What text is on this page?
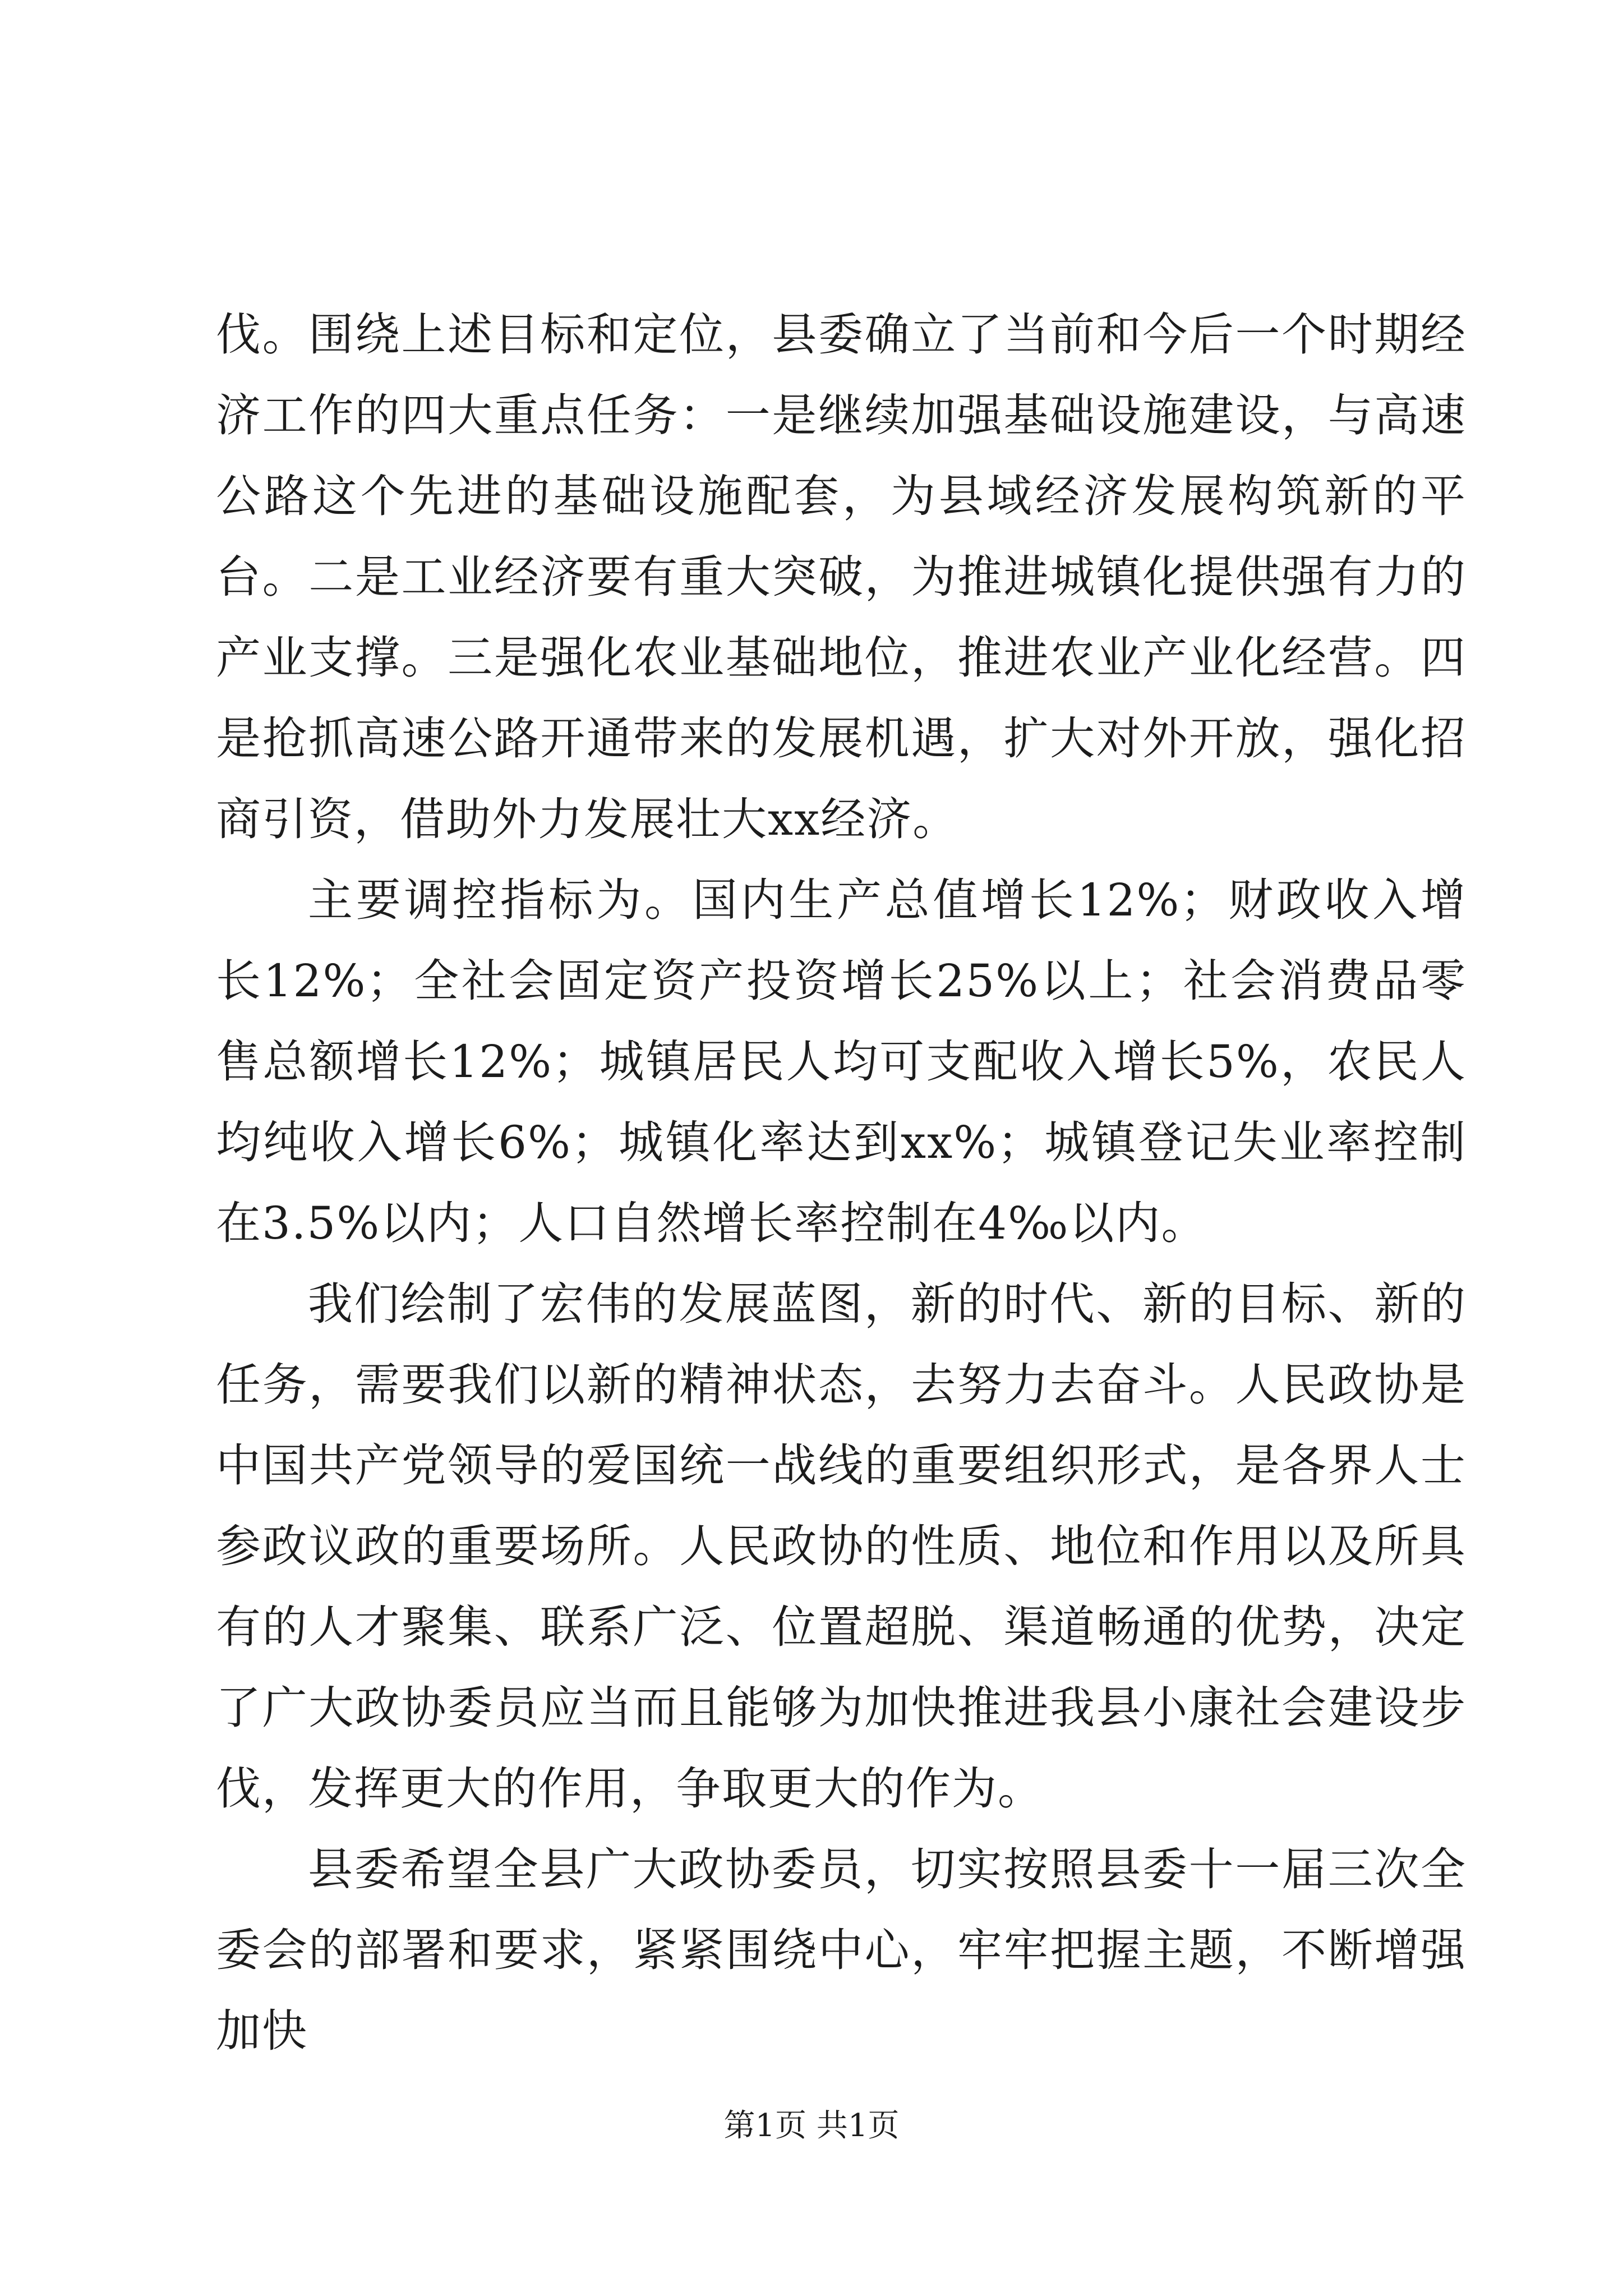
伐。围绕上述目标和定位，县委确立了当前和今后一个时期经济工作的四大重点任务：一是继续加强基础设施建设，与高速公路这个先进的基础设施配套，为县域经济发展构筑新的平台。二是工业经济要有重大突破，为推进城镇化提供强有力的产业支撑。三是强化农业基础地位，推进农业产业化经营。四是抢抓高速公路开通带来的发展机遇，扩大对外开放，强化招商引资，借助外力发展壮大xx经济。

主要调控指标为。国内生产总值增长12%；财政收入增长12%；全社会固定资产投资增长25%以上；社会消费品零售总额增长12%；城镇居民人均可支配收入增长5%，农民人均纯收入增长6%；城镇化率达到xx%；城镇登记失业率控制在3.5%以内；人口自然增长率控制在4‰以内。

我们绘制了宏伟的发展蓝图，新的时代、新的目标、新的任务，需要我们以新的精神状态，去努力去奋斗。人民政协是中国共产党领导的爱国统一战线的重要组织形式，是各界人士参政议政的重要场所。人民政协的性质、地位和作用以及所具有的人才聚集、联系广泛、位置超脱、渠道畅通的优势，决定了广大政协委员应当而且能够为加快推进我县小康社会建设步伐，发挥更大的作用，争取更大的作为。

县委希望全县广大政协委员，切实按照县委十一届三次全委会的部署和要求，紧紧围绕中心，牢牢把握主题，不断增强加快

第1页 共1页
